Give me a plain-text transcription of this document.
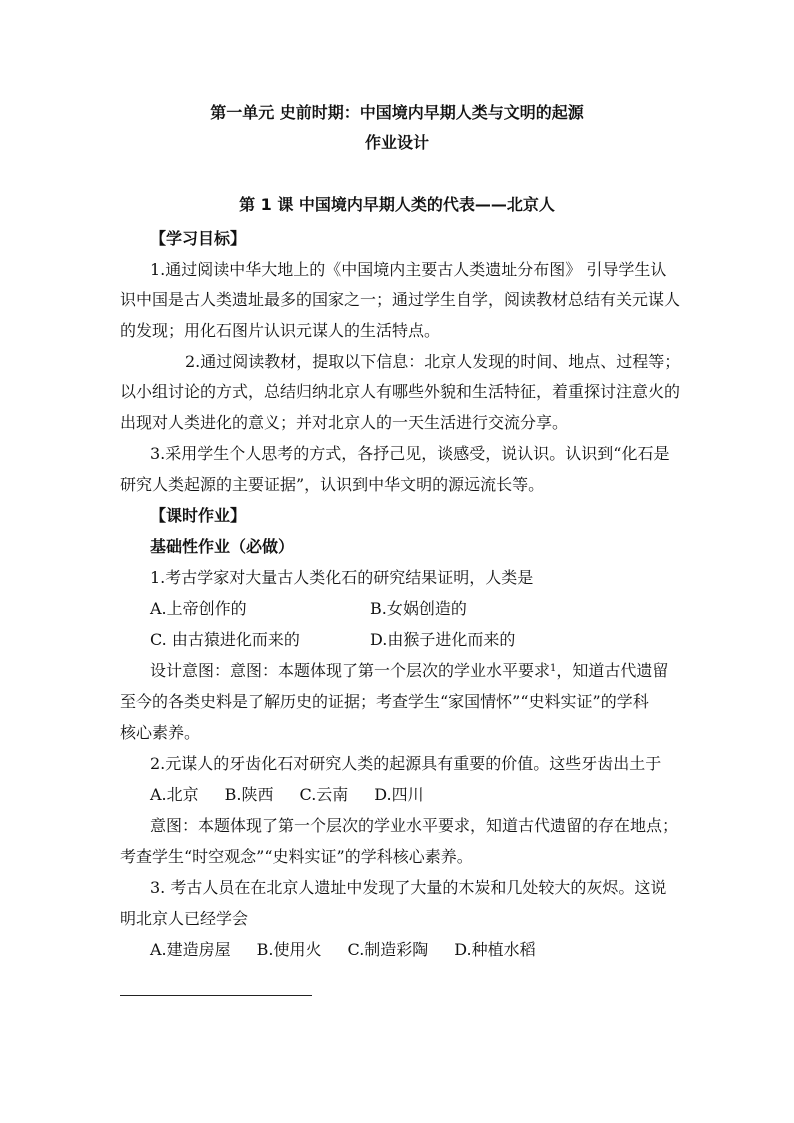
第一单元 史前时期：中国境内早期人类与文明的起源
作业设计
第 1 课 中国境内早期人类的代表——北京人
【学习目标】
1.通过阅读中华大地上的《中国境内主要古人类遗址分布图》 引导学生认
识中国是古人类遗址最多的国家之一；通过学生自学，阅读教材总结有关元谋人
的发现；用化石图片认识元谋人的生活特点。
2.通过阅读教材，提取以下信息：北京人发现的时间、地点、过程等；
以小组讨论的方式，总结归纳北京人有哪些外貌和生活特征，着重探讨注意火的
出现对人类进化的意义；并对北京人的一天生活进行交流分享。
3.采用学生个人思考的方式，各抒己见，谈感受，说认识。认识到“化石是
研究人类起源的主要证据”，认识到中华文明的源远流长等。
【课时作业】
基础性作业（必做）
1.考古学家对大量古人类化石的研究结果证明，人类是
A.上帝创作的	B.女娲创造的
C. 由古猿进化而来的	D.由猴子进化而来的
设计意图：意图：本题体现了第一个层次的学业水平要求$^1$，知道古代遗留
至今的各类史料是了解历史的证据；考查学生“家国情怀”“史料实证”的学科
核心素养。
2.元谋人的牙齿化石对研究人类的起源具有重要的价值。这些牙齿出土于
A.北京 B.陕西 C.云南 D.四川
意图：本题体现了第一个层次的学业水平要求，知道古代遗留的存在地点；
考查学生“时空观念”“史料实证”的学科核心素养。
3. 考古人员在在北京人遗址中发现了大量的木炭和几处较大的灰烬。这说
明北京人已经学会
A.建造房屋 B.使用火 C.制造彩陶 D.种植水稻
